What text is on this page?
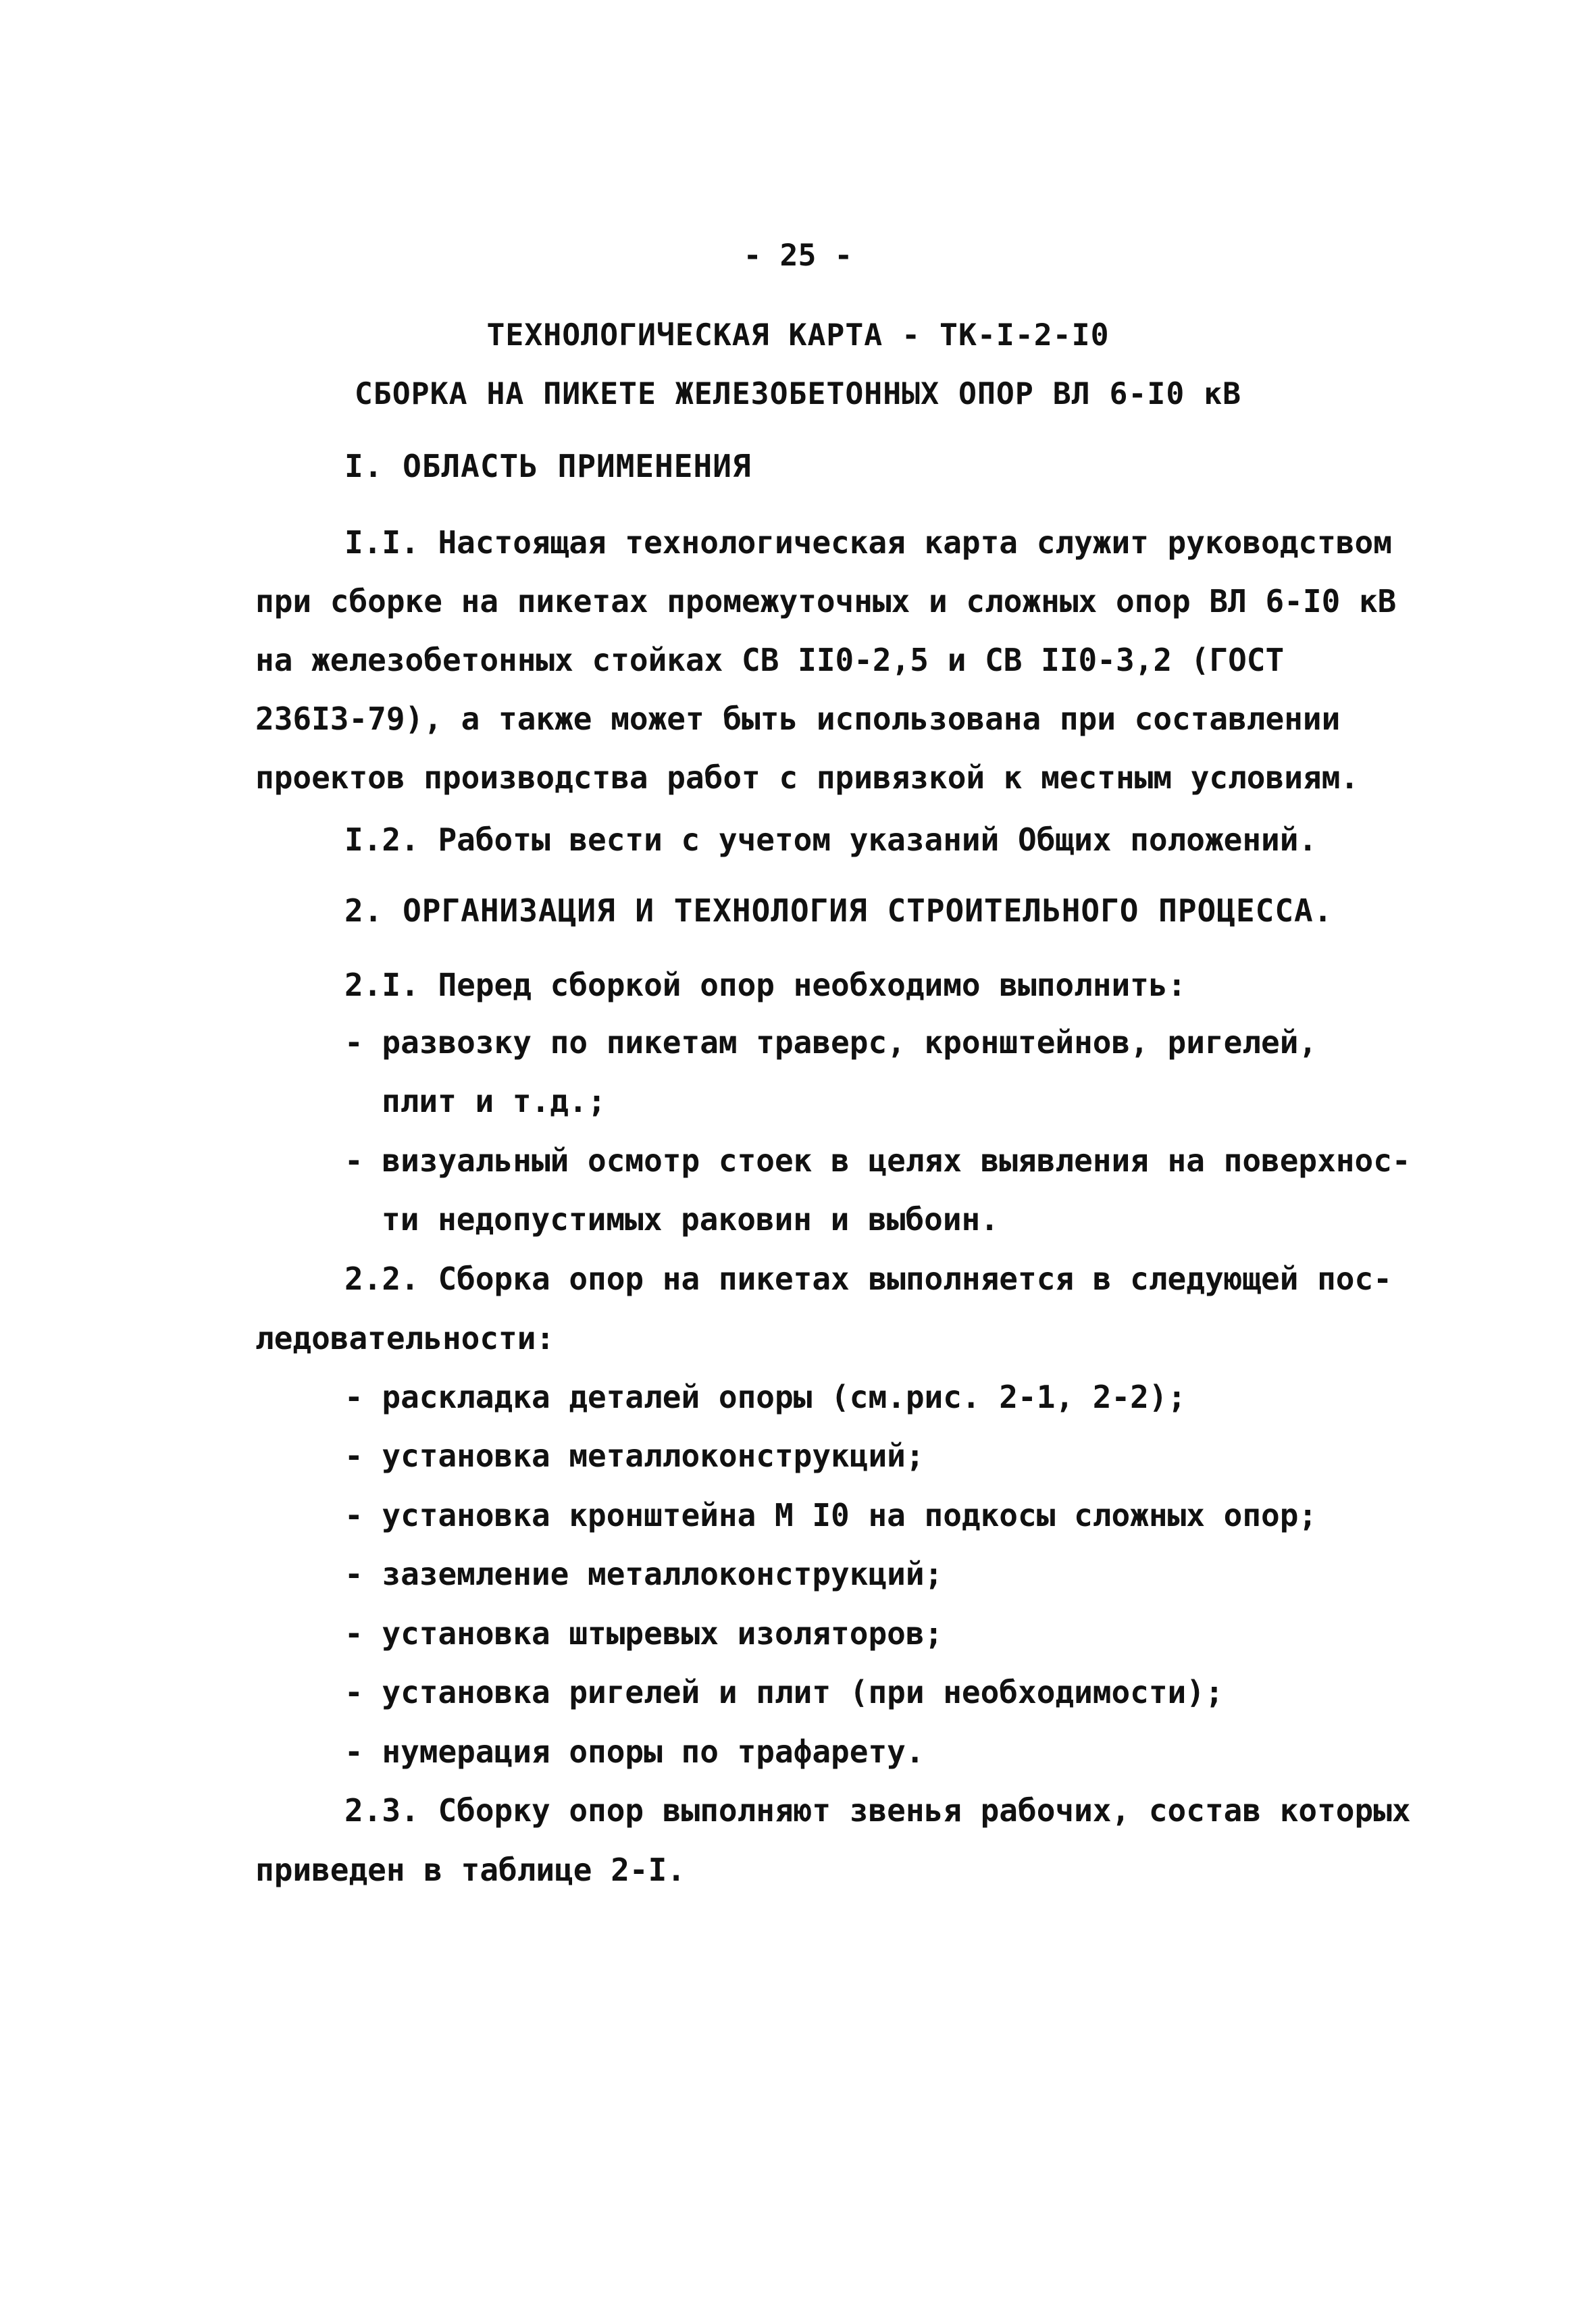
- 25 -
ТЕХНОЛОГИЧЕСКАЯ КАРТА - ТК-I-2-I0
СБОРКА НА ПИКЕТЕ ЖЕЛЕЗОБЕТОННЫХ ОПОР ВЛ 6-I0 кВ
I. ОБЛАСТЬ ПРИМЕНЕНИЯ
I.I. Настоящая технологическая карта служит руководством
при сборке на пикетах промежуточных и сложных опор ВЛ 6-I0 кВ
на железобетонных стойках СВ II0-2,5 и СВ II0-3,2 (ГОСТ
236I3-79), а также может быть использована при составлении
проектов производства работ с привязкой к местным условиям.
I.2. Работы вести с учетом указаний Общих положений.
2. ОРГАНИЗАЦИЯ И ТЕХНОЛОГИЯ СТРОИТЕЛЬНОГО ПРОЦЕССА.
2.I. Перед сборкой опор необходимо выполнить:
- развозку по пикетам траверс, кронштейнов, ригелей,
плит и т.д.;
- визуальный осмотр стоек в целях выявления на поверхнос-
ти недопустимых раковин и выбоин.
2.2. Сборка опор на пикетах выполняется в следующей пос-
ледовательности:
- раскладка деталей опоры (см.рис. 2-1, 2-2);
- установка металлоконструкций;
- установка кронштейна М I0 на подкосы сложных опор;
- заземление металлоконструкций;
- установка штыревых изоляторов;
- установка ригелей и плит (при необходимости);
- нумерация опоры по трафарету.
2.3. Сборку опор выполняют звенья рабочих, состав которых
приведен в таблице 2-I.
